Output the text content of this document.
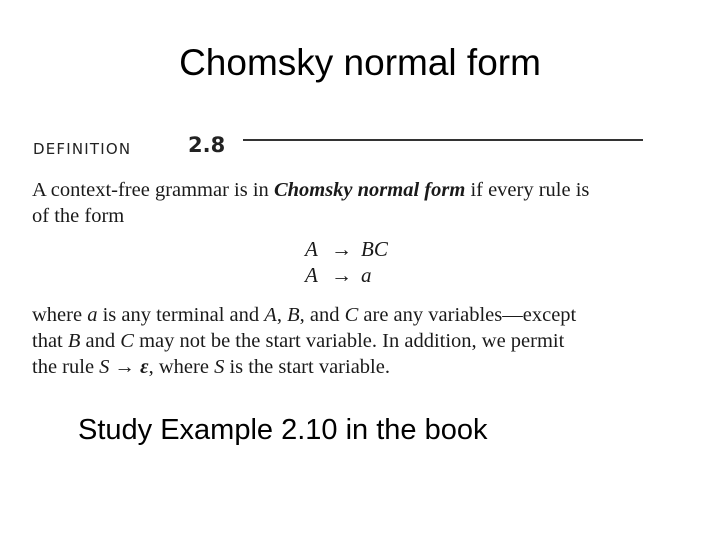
Chomsky normal form
DEFINITION	2.8
A context-free grammar is in Chomsky normal form if every rule is
of the form
A → BC
A → a
where a is any terminal and A, B, and C are any variables—except
that B and C may not be the start variable. In addition, we permit
the rule S → ε, where S is the start variable.
Study Example 2.10 in the book
